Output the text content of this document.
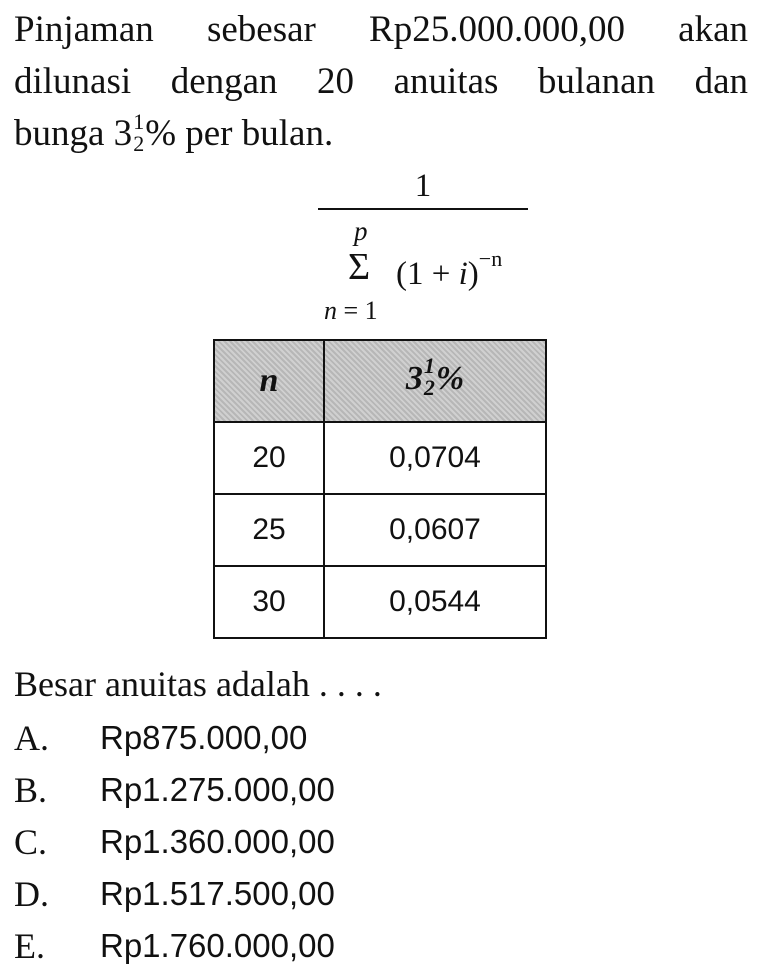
Pinjaman sebesar Rp25.000.000,00 akan
dilunasi dengan 20 anuitas bulanan dan
bunga 3 1
2 % per bulan.
1
p
Σ
n = 1
$(1 + i)^{-n}$
n	3 1
2 %
20	0,0704
25	0,0607
30	0,0544
Besar anuitas adalah . . . .
A.	Rp875.000,00
B.	Rp1.275.000,00
C.	Rp1.360.000,00
D.	Rp1.517.500,00
E.	Rp1.760.000,00
